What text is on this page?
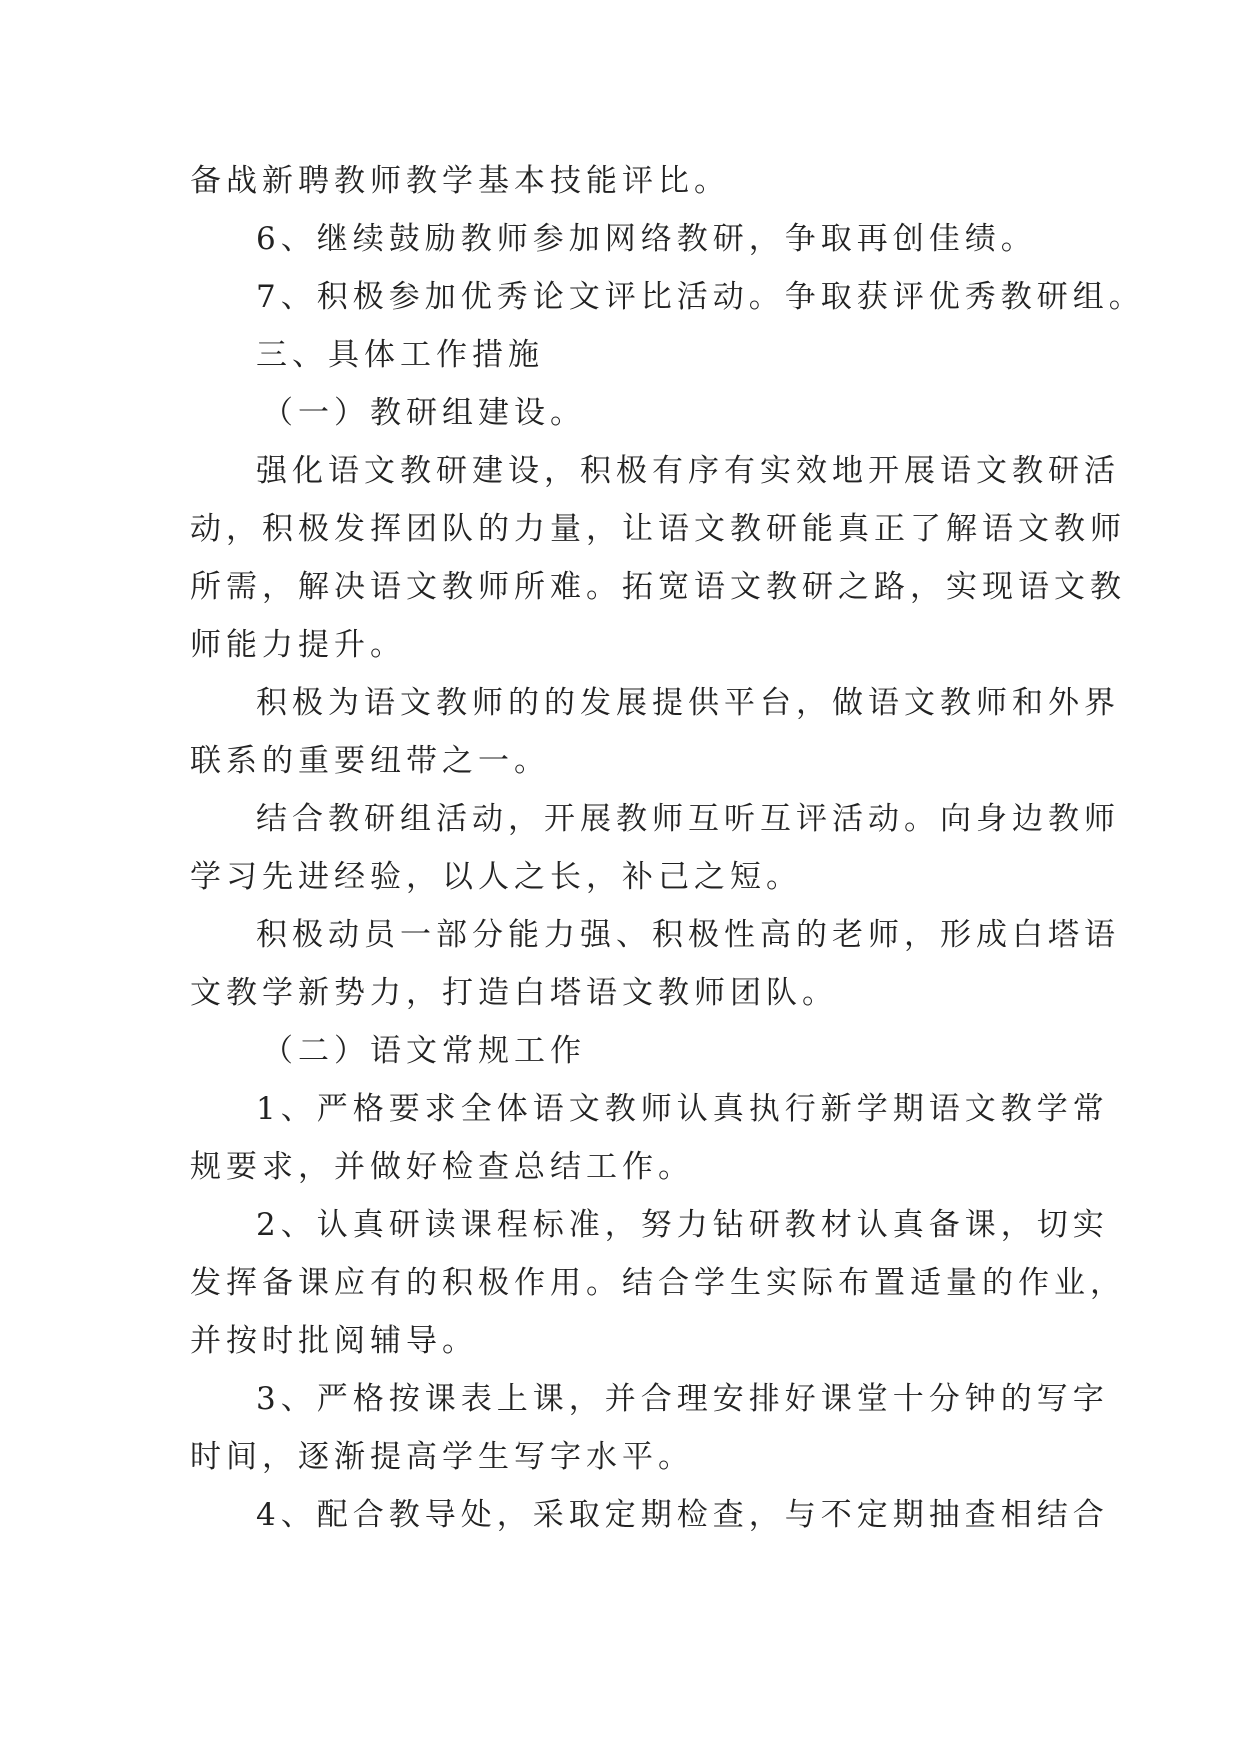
备战新聘教师教学基本技能评比。
6、继续鼓励教师参加网络教研，争取再创佳绩。
7、积极参加优秀论文评比活动。争取获评优秀教研组。
三、具体工作措施
（一）教研组建设。
强化语文教研建设，积极有序有实效地开展语文教研活
动，积极发挥团队的力量，让语文教研能真正了解语文教师
所需，解决语文教师所难。拓宽语文教研之路，实现语文教
师能力提升。
积极为语文教师的的发展提供平台，做语文教师和外界
联系的重要纽带之一。
结合教研组活动，开展教师互听互评活动。向身边教师
学习先进经验，以人之长，补己之短。
积极动员一部分能力强、积极性高的老师，形成白塔语
文教学新势力，打造白塔语文教师团队。
（二）语文常规工作
1、严格要求全体语文教师认真执行新学期语文教学常
规要求，并做好检查总结工作。
2、认真研读课程标准，努力钻研教材认真备课，切实
发挥备课应有的积极作用。结合学生实际布置适量的作业，
并按时批阅辅导。
3、严格按课表上课，并合理安排好课堂十分钟的写字
时间，逐渐提高学生写字水平。
4、配合教导处，采取定期检查，与不定期抽查相结合
